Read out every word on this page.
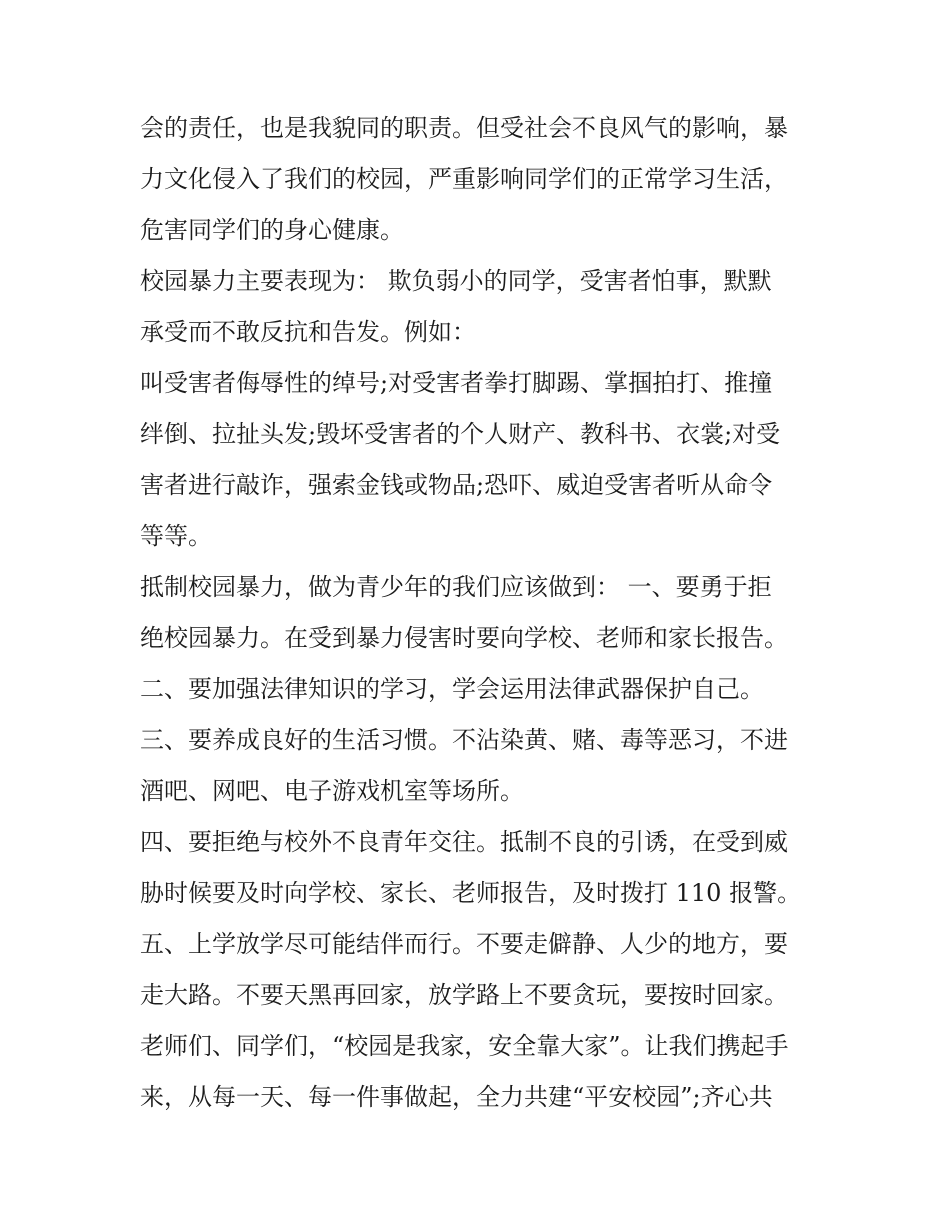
会的责任，也是我貌同的职责。但受社会不良风气的影响，暴
力文化侵入了我们的校园，严重影响同学们的正常学习生活，
危害同学们的身心健康。
校园暴力主要表现为： 欺负弱小的同学，受害者怕事，默默
承受而不敢反抗和告发。例如：
叫受害者侮辱性的绰号;对受害者拳打脚踢、掌掴拍打、推撞
绊倒、拉扯头发;毁坏受害者的个人财产、教科书、衣裳;对受
害者进行敲诈，强索金钱或物品;恐吓、威迫受害者听从命令
等等。
抵制校园暴力，做为青少年的我们应该做到： 一、要勇于拒
绝校园暴力。在受到暴力侵害时要向学校、老师和家长报告。
二、要加强法律知识的学习，学会运用法律武器保护自己。
三、要养成良好的生活习惯。不沾染黄、赌、毒等恶习，不进
酒吧、网吧、电子游戏机室等场所。
四、要拒绝与校外不良青年交往。抵制不良的引诱，在受到威
胁时候要及时向学校、家长、老师报告，及时拨打 110 报警。
五、上学放学尽可能结伴而行。不要走僻静、人少的地方，要
走大路。不要天黑再回家，放学路上不要贪玩，要按时回家。
老师们、同学们，“校园是我家，安全靠大家”。让我们携起手
来，从每一天、每一件事做起，全力共建“平安校园”;齐心共
